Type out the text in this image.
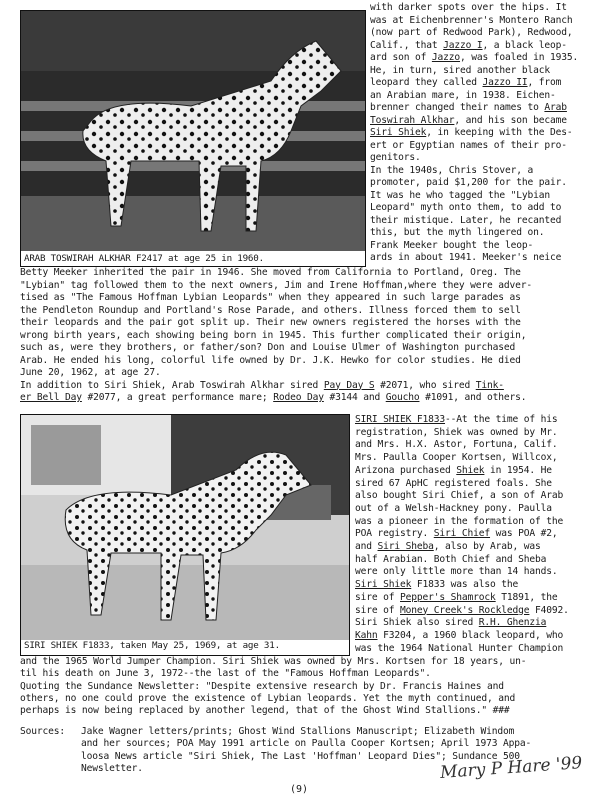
ARAB TOSWIRAH ALKHAR F2417 at age 25 in 1960.
SIRI SHIEK F1833, taken May 25, 1969, at age 31.
with darker spots over the hips. It
was at Eichenbrenner's Montero Ranch
(now part of Redwood Park), Redwood,
Calif., that Jazzo I, a black leop-
ard son of Jazzo, was foaled in 1935.
He, in turn, sired another black
leopard they called Jazzo II, from
an Arabian mare, in 1938. Eichen-
brenner changed their names to Arab
Toswirah Alkhar, and his son became
Siri Shiek, in keeping with the Des-
ert or Egyptian names of their pro-
genitors.
In the 1940s, Chris Stover, a
promoter, paid $1,200 for the pair.
It was he who tagged the "Lybian
Leopard" myth onto them, to add to
their mistique. Later, he recanted
this, but the myth lingered on.
Frank Meeker bought the leop-
ards in about 1941. Meeker's neice
Betty Meeker inherited the pair in 1946. She moved from California to Portland, Oreg. The
"Lybian" tag followed them to the next owners, Jim and Irene Hoffman,where they were adver-
tised as "The Famous Hoffman Lybian Leopards" when they appeared in such large parades as
the Pendleton Roundup and Portland's Rose Parade, and others. Illness forced them to sell
their leopards and the pair got split up. Their new owners registered the horses with the
wrong birth years, each showing being born in 1945. This further complicated their origin,
such as, were they brothers, or father/son? Don and Louise Ulmer of Washington purchased
Arab. He ended his long, colorful life owned by Dr. J.K. Hewko for color studies. He died
June 20, 1962, at age 27.
In addition to Siri Shiek, Arab Toswirah Alkhar sired Pay Day S #2071, who sired Tink-
er Bell Day #2077, a great performance mare; Rodeo Day #3144 and Goucho #1091, and others.
SIRI SHIEK F1833--At the time of his
registration, Shiek was owned by Mr.
and Mrs. H.X. Astor, Fortuna, Calif.
Mrs. Paulla Cooper Kortsen, Willcox,
Arizona purchased Shiek in 1954. He
sired 67 ApHC registered foals. She
also bought Siri Chief, a son of Arab
out of a Welsh-Hackney pony. Paulla
was a pioneer in the formation of the
POA registry. Siri Chief was POA #2,
and Siri Sheba, also by Arab, was
half Arabian. Both Chief and Sheba
were only little more than 14 hands.
Siri Shiek F1833 was also the
sire of Pepper's Shamrock T1891, the
sire of Money Creek's Rockledge F4092.
Siri Shiek also sired R.H. Ghenzia
Kahn F3204, a 1960 black leopard, who
was the 1964 National Hunter Champion
and the 1965 World Jumper Champion. Siri Shiek was owned by Mrs. Kortsen for 18 years, un-
til his death on June 3, 1972--the last of the "Famous Hoffman Leopards".
Quoting the Sundance Newsletter: "Despite extensive research by Dr. Francis Haines and
others, no one could prove the existence of Lybian leopards. Yet the myth continued, and
perhaps is now being replaced by another legend, that of the Ghost Wind Stallions." ###
Sources: Jake Wagner letters/prints; Ghost Wind Stallions Manuscript; Elizabeth Windom
and her sources; POA May 1991 article on Paulla Cooper Kortsen; April 1973 Appa-
loosa News article "Siri Shiek, The Last 'Hoffman' Leopard Dies"; Sundance 500
Newsletter.	Mary P Hare '99
(9)
